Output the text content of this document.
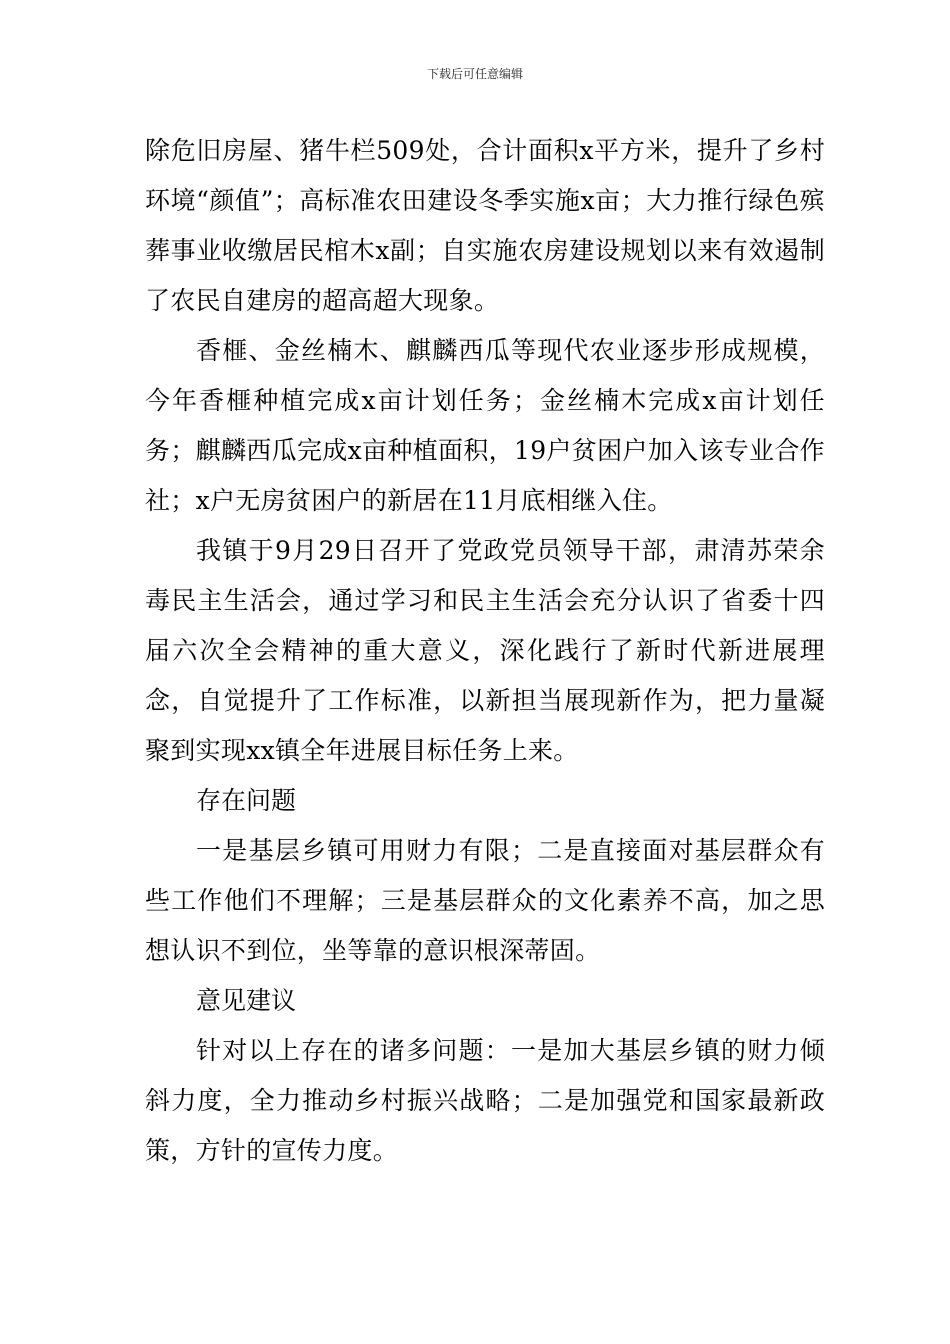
下载后可任意编辑

除危旧房屋、猪牛栏509处，合计面积x平方米，提升了乡村环境“颜值”；高标准农田建设冬季实施x亩；大力推行绿色殡葬事业收缴居民棺木x副；自实施农房建设规划以来有效遏制了农民自建房的超高超大现象。

香榧、金丝楠木、麒麟西瓜等现代农业逐步形成规模，今年香榧种植完成x亩计划任务；金丝楠木完成x亩计划任务；麒麟西瓜完成x亩种植面积，19户贫困户加入该专业合作社；x户无房贫困户的新居在11月底相继入住。

我镇于9月29日召开了党政党员领导干部，肃清苏荣余毒民主生活会，通过学习和民主生活会充分认识了省委十四届六次全会精神的重大意义，深化践行了新时代新进展理念，自觉提升了工作标准，以新担当展现新作为，把力量凝聚到实现xx镇全年进展目标任务上来。

存在问题

一是基层乡镇可用财力有限；二是直接面对基层群众有些工作他们不理解；三是基层群众的文化素养不高，加之思想认识不到位，坐等靠的意识根深蒂固。

意见建议

针对以上存在的诸多问题：一是加大基层乡镇的财力倾斜力度，全力推动乡村振兴战略；二是加强党和国家最新政策，方针的宣传力度。
